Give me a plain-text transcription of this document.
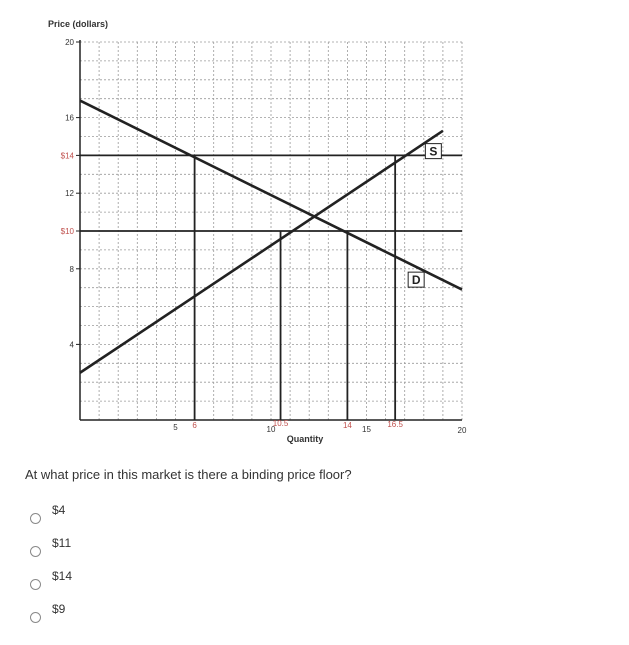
Price (dollars)
4
8
$10
12
$14
16
20
5 6	10
10.5	14 15
16.5
20
S
D
Quantity

At what price in this market is there a binding price floor?

$4
$11
$14
$9
